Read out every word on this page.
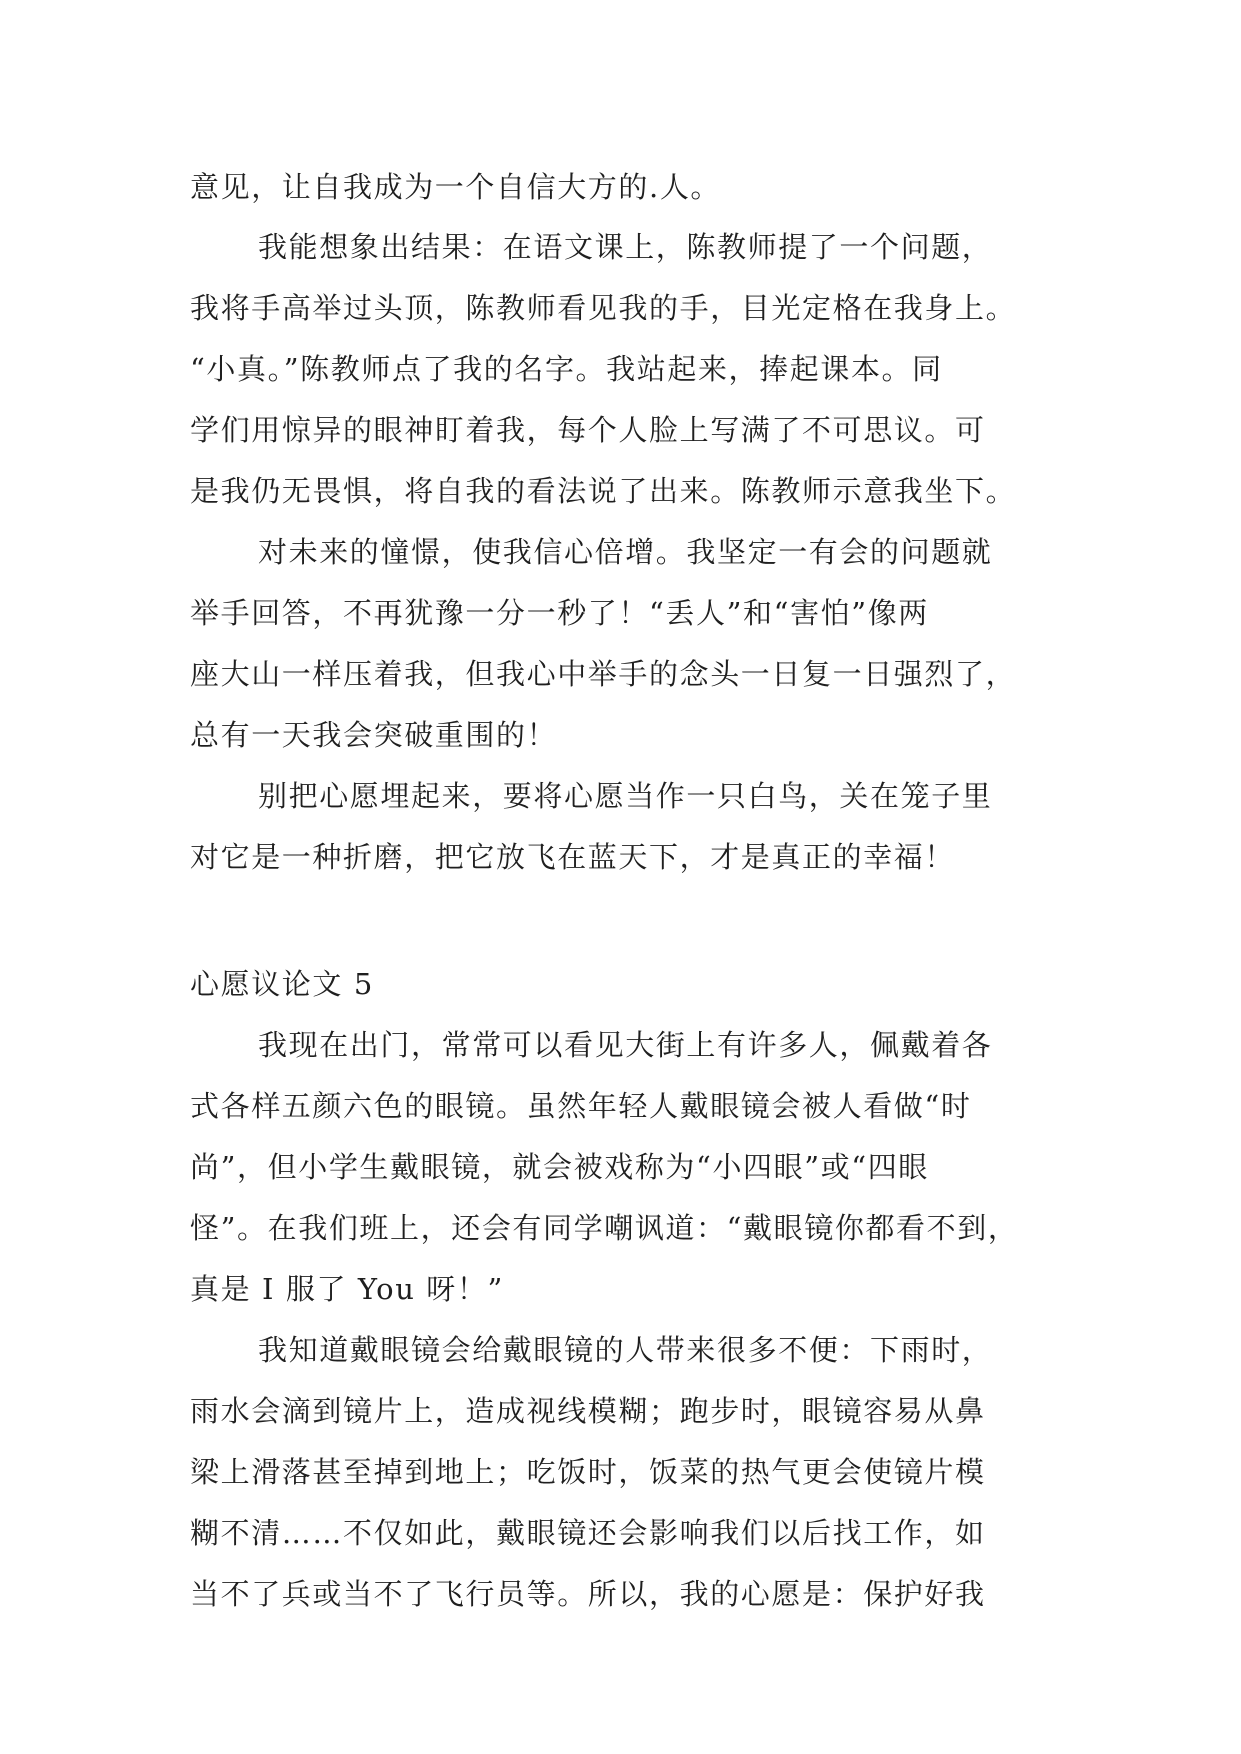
意见，让自我成为一个自信大方的.人。
我能想象出结果：在语文课上，陈教师提了一个问题，
我将手高举过头顶，陈教师看见我的手，目光定格在我身上。
“小真。”陈教师点了我的名字。我站起来，捧起课本。同
学们用惊异的眼神盯着我，每个人脸上写满了不可思议。可
是我仍无畏惧，将自我的看法说了出来。陈教师示意我坐下。
对未来的憧憬，使我信心倍增。我坚定一有会的问题就
举手回答，不再犹豫一分一秒了！“丢人”和“害怕”像两
座大山一样压着我，但我心中举手的念头一日复一日强烈了，
总有一天我会突破重围的！
别把心愿埋起来，要将心愿当作一只白鸟，关在笼子里
对它是一种折磨，把它放飞在蓝天下，才是真正的幸福！
心愿议论文 5
我现在出门，常常可以看见大街上有许多人，佩戴着各
式各样五颜六色的眼镜。虽然年轻人戴眼镜会被人看做“时
尚”，但小学生戴眼镜，就会被戏称为“小四眼”或“四眼
怪”。在我们班上，还会有同学嘲讽道：“戴眼镜你都看不到，
真是 I 服了 You 呀！”
我知道戴眼镜会给戴眼镜的人带来很多不便：下雨时，
雨水会滴到镜片上，造成视线模糊；跑步时，眼镜容易从鼻
梁上滑落甚至掉到地上；吃饭时，饭菜的热气更会使镜片模
糊不清……不仅如此，戴眼镜还会影响我们以后找工作，如
当不了兵或当不了飞行员等。所以，我的心愿是：保护好我
